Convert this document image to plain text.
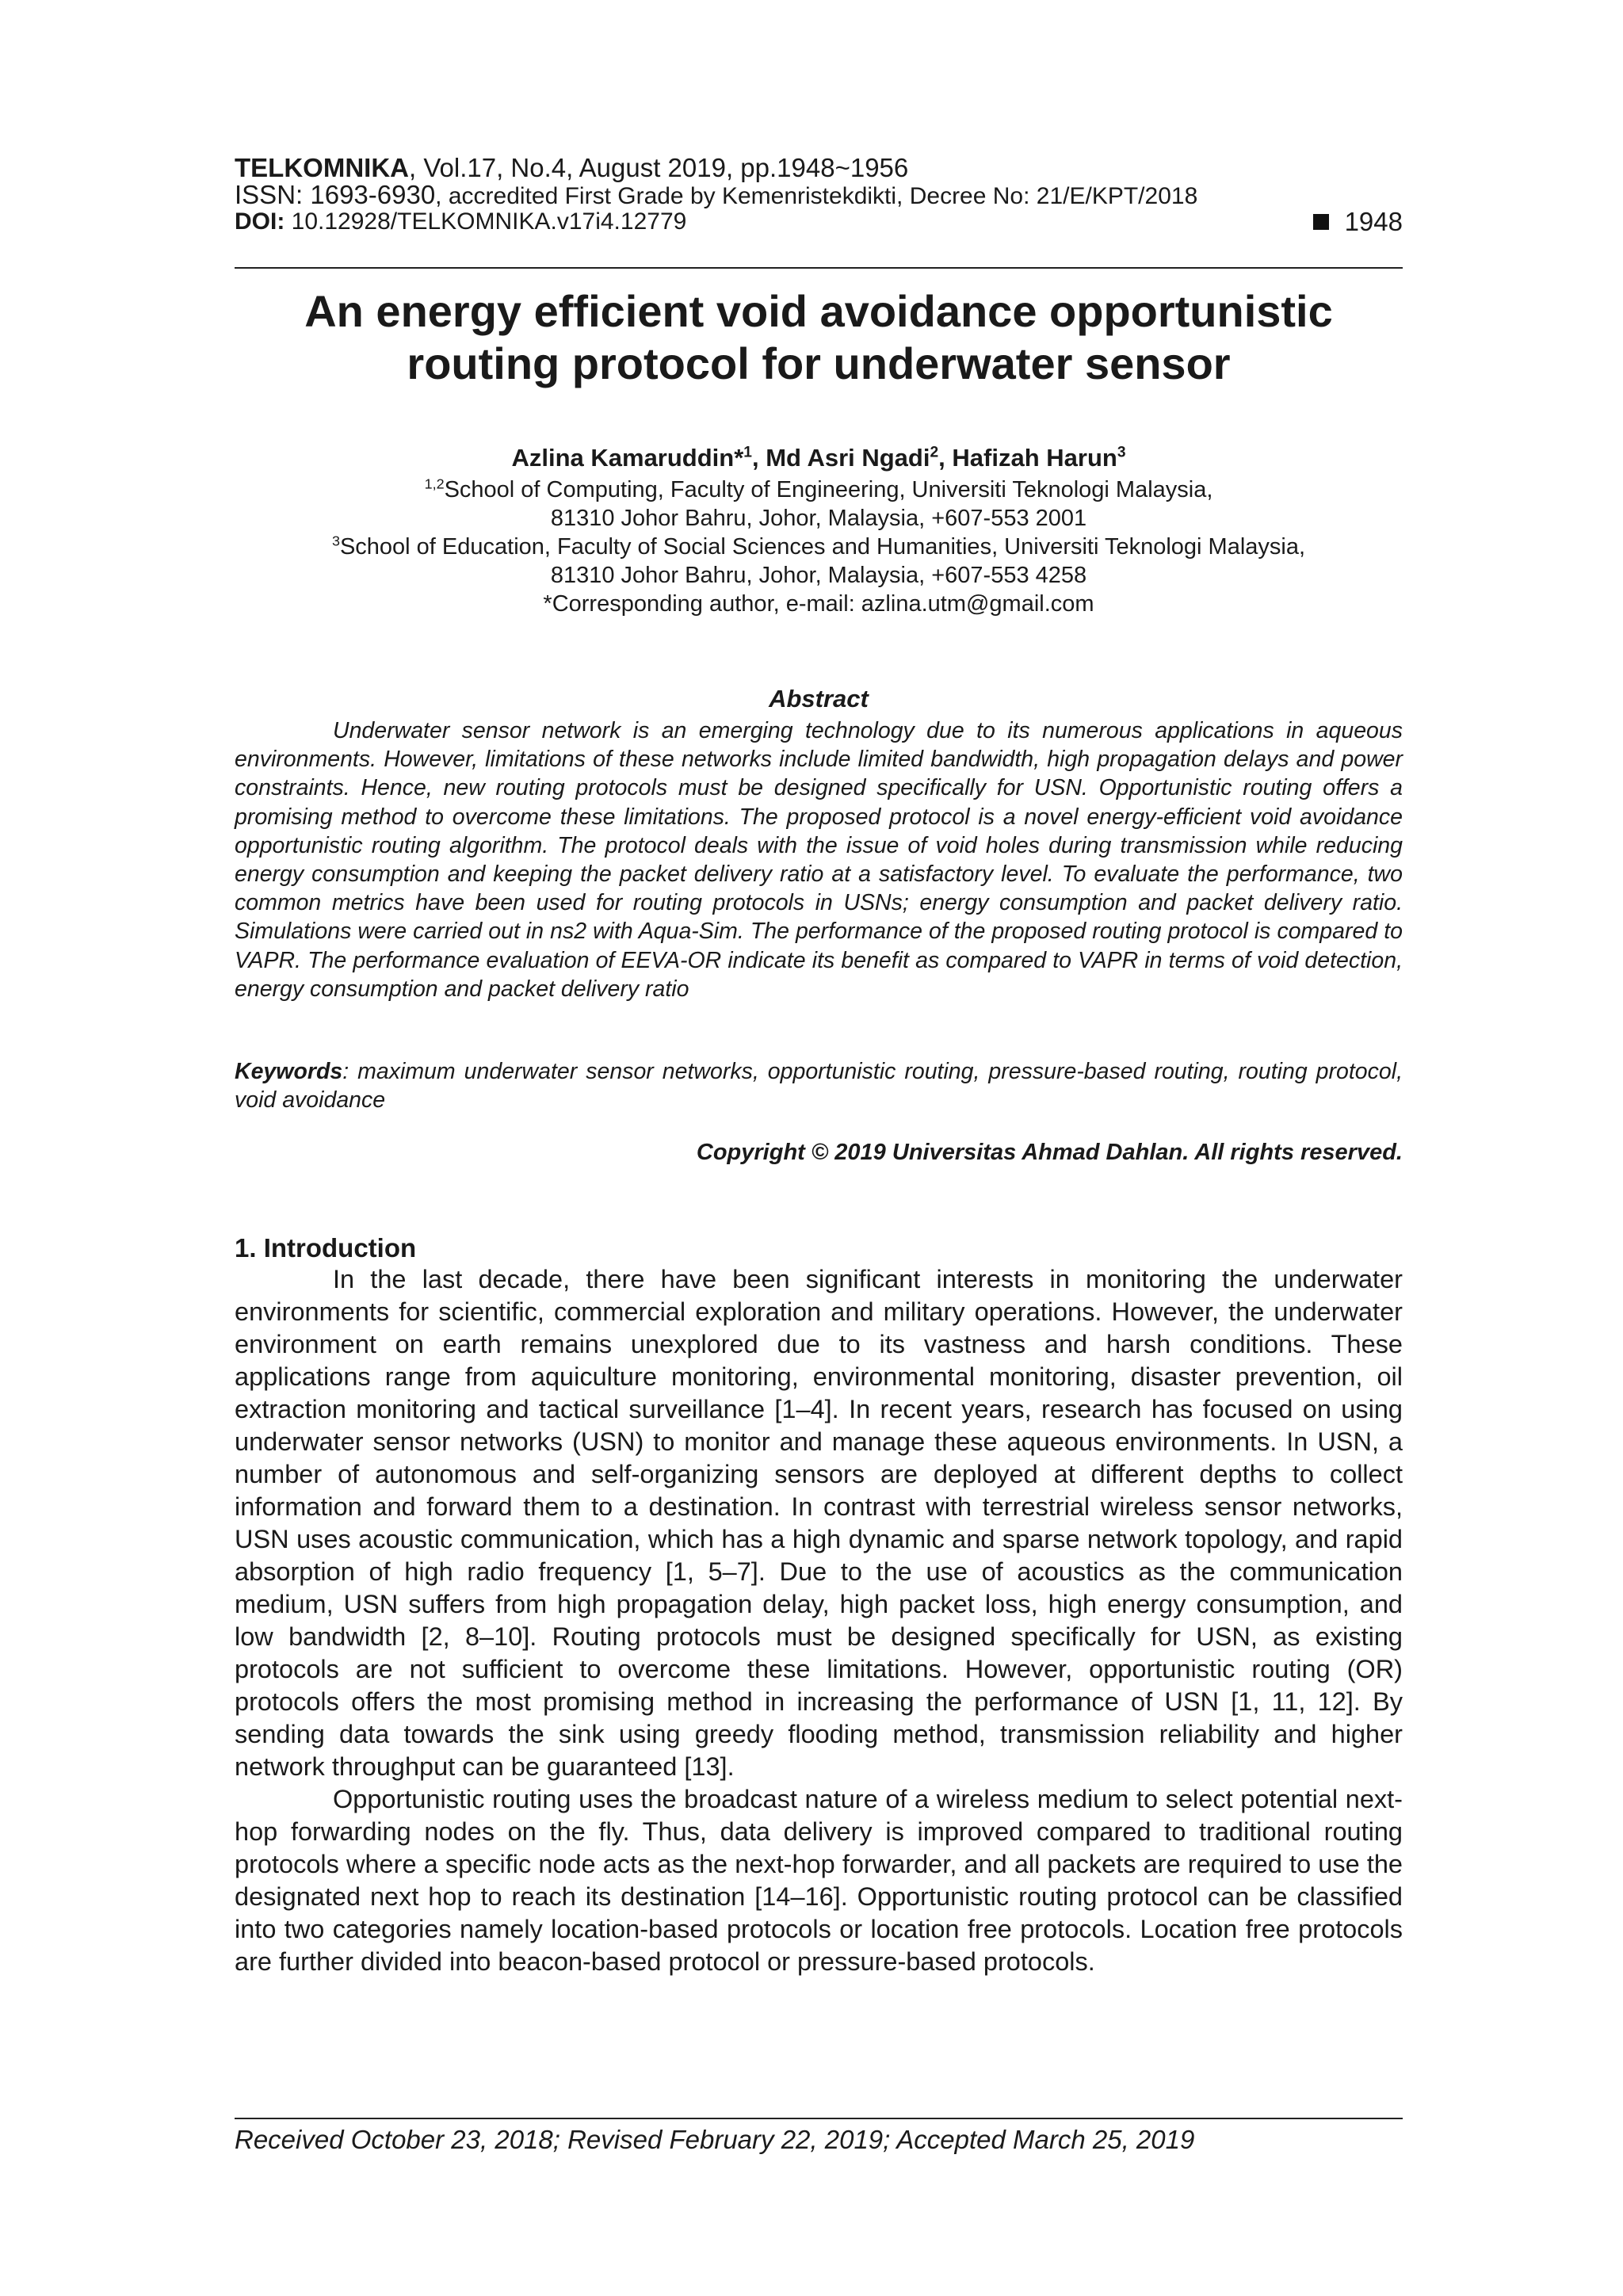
TELKOMNIKA, Vol.17, No.4, August 2019, pp.1948~1956
ISSN: 1693-6930, accredited First Grade by Kemenristekdikti, Decree No: 21/E/KPT/2018
DOI: 10.12928/TELKOMNIKA.v17i4.12779	1948
An energy efficient void avoidance opportunistic
routing protocol for underwater sensor
Azlina Kamaruddin*$^1$, Md Asri Ngadi$^2$, Hafizah Harun$^3$
$^{1,2}$School of Computing, Faculty of Engineering, Universiti Teknologi Malaysia,
81310 Johor Bahru, Johor, Malaysia, +607-553 2001
$^3$School of Education, Faculty of Social Sciences and Humanities, Universiti Teknologi Malaysia,
81310 Johor Bahru, Johor, Malaysia, +607-553 4258
*Corresponding author, e-mail: azlina.utm@gmail.com
Abstract

Underwater sensor network is an emerging technology due to its numerous applications in aqueous environments. However, limitations of these networks include limited bandwidth, high propagation delays and power constraints. Hence, new routing protocols must be designed specifically for USN. Opportunistic routing offers a promising method to overcome these limitations. The proposed protocol is a novel energy-efficient void avoidance opportunistic routing algorithm. The protocol deals with the issue of void holes during transmission while reducing energy consumption and keeping the packet delivery ratio at a satisfactory level. To evaluate the performance, two common metrics have been used for routing protocols in USNs; energy consumption and packet delivery ratio. Simulations were carried out in ns2 with Aqua-Sim. The performance of the proposed routing protocol is compared to VAPR. The performance evaluation of EEVA-OR indicate its benefit as compared to VAPR in terms of void detection, energy consumption and packet delivery ratio

Keywords: maximum underwater sensor networks, opportunistic routing, pressure-based routing, routing protocol, void avoidance

Copyright © 2019 Universitas Ahmad Dahlan. All rights reserved.
1. Introduction

In the last decade, there have been significant interests in monitoring the underwater environments for scientific, commercial exploration and military operations. However, the underwater environment on earth remains unexplored due to its vastness and harsh conditions. These applications range from aquiculture monitoring, environmental monitoring, disaster prevention, oil extraction monitoring and tactical surveillance [1–4]. In recent years, research has focused on using underwater sensor networks (USN) to monitor and manage these aqueous environments. In USN, a number of autonomous and self-organizing sensors are deployed at different depths to collect information and forward them to a destination. In contrast with terrestrial wireless sensor networks, USN uses acoustic communication, which has a high dynamic and sparse network topology, and rapid absorption of high radio frequency [1, 5–7]. Due to the use of acoustics as the communication medium, USN suffers from high propagation delay, high packet loss, high energy consumption, and low bandwidth [2, 8–10]. Routing protocols must be designed specifically for USN, as existing protocols are not sufficient to overcome these limitations. However, opportunistic routing (OR) protocols offers the most promising method in increasing the performance of USN [1, 11, 12]. By sending data towards the sink using greedy flooding method, transmission reliability and higher network throughput can be guaranteed [13].

Opportunistic routing uses the broadcast nature of a wireless medium to select potential next-hop forwarding nodes on the fly. Thus, data delivery is improved compared to traditional routing protocols where a specific node acts as the next-hop forwarder, and all packets are required to use the designated next hop to reach its destination [14–16]. Opportunistic routing protocol can be classified into two categories namely location-based protocols or location free protocols. Location free protocols are further divided into beacon-based protocol or pressure-based protocols.

Received October 23, 2018; Revised February 22, 2019; Accepted March 25, 2019
